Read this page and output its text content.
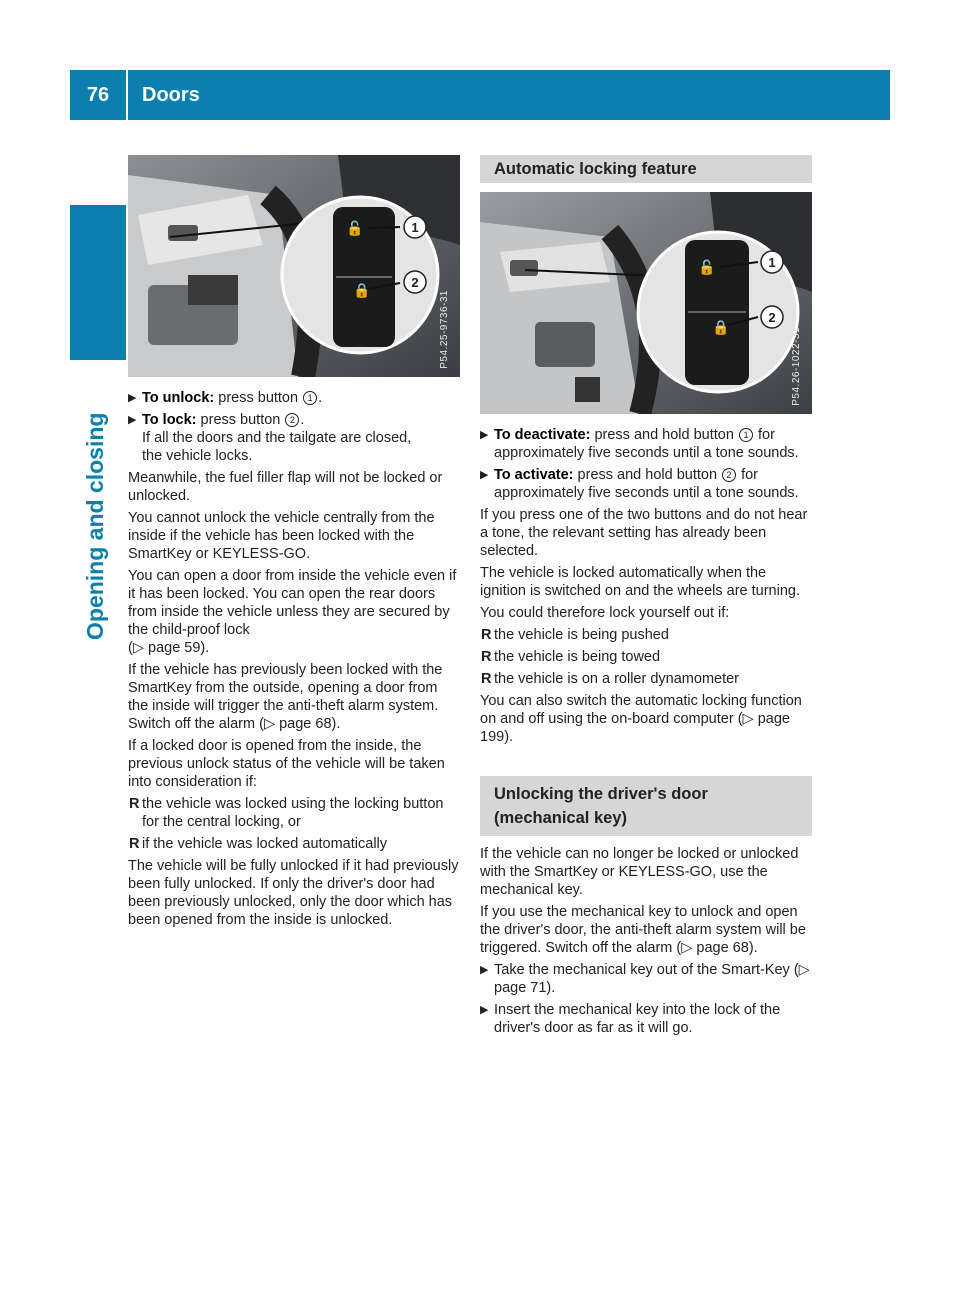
76	Doors
Opening and closing
🔓
🔒
1
2
P54.25-9736-31
▶ To unlock: press button 1 .
▶ To lock: press button 2 .
If all the doors and the tailgate are closed,
the vehicle locks.

Meanwhile, the fuel filler flap will not be locked or unlocked.

You cannot unlock the vehicle centrally from the inside if the vehicle has been locked with the SmartKey or KEYLESS-GO.

You can open a door from inside the vehicle even if it has been locked. You can open the rear doors from inside the vehicle unless they are secured by the child-proof lock
(▷ page 59).

If the vehicle has previously been locked with the SmartKey from the outside, opening a door from the inside will trigger the anti-theft alarm system. Switch off the alarm (▷ page 68).

If a locked door is opened from the inside, the previous unlock status of the vehicle will be taken into consideration if:

R the vehicle was locked using the locking button for the central locking, or
R if the vehicle was locked automatically

The vehicle will be fully unlocked if it had previously been fully unlocked. If only the driver's door had been previously unlocked, only the door which has been opened from the inside is unlocked.

Automatic locking feature
🔓
🔒
1
2
P54.26-1022-31
▶ To deactivate: press and hold button 1 for approximately five seconds until a tone sounds.
▶ To activate: press and hold button 2 for approximately five seconds until a tone sounds.

If you press one of the two buttons and do not hear a tone, the relevant setting has already been selected.

The vehicle is locked automatically when the ignition is switched on and the wheels are turning.

You could therefore lock yourself out if:

R the vehicle is being pushed
R the vehicle is being towed
R the vehicle is on a roller dynamometer

You can also switch the automatic locking function on and off using the on-board computer (▷ page 199).

Unlocking the driver's door (mechanical key)

If the vehicle can no longer be locked or unlocked with the SmartKey or KEYLESS-GO, use the mechanical key.

If you use the mechanical key to unlock and open the driver's door, the anti-theft alarm system will be triggered. Switch off the alarm (▷ page 68).

▶ Take the mechanical key out of the Smart-Key (▷ page 71).
▶ Insert the mechanical key into the lock of the driver's door as far as it will go.
